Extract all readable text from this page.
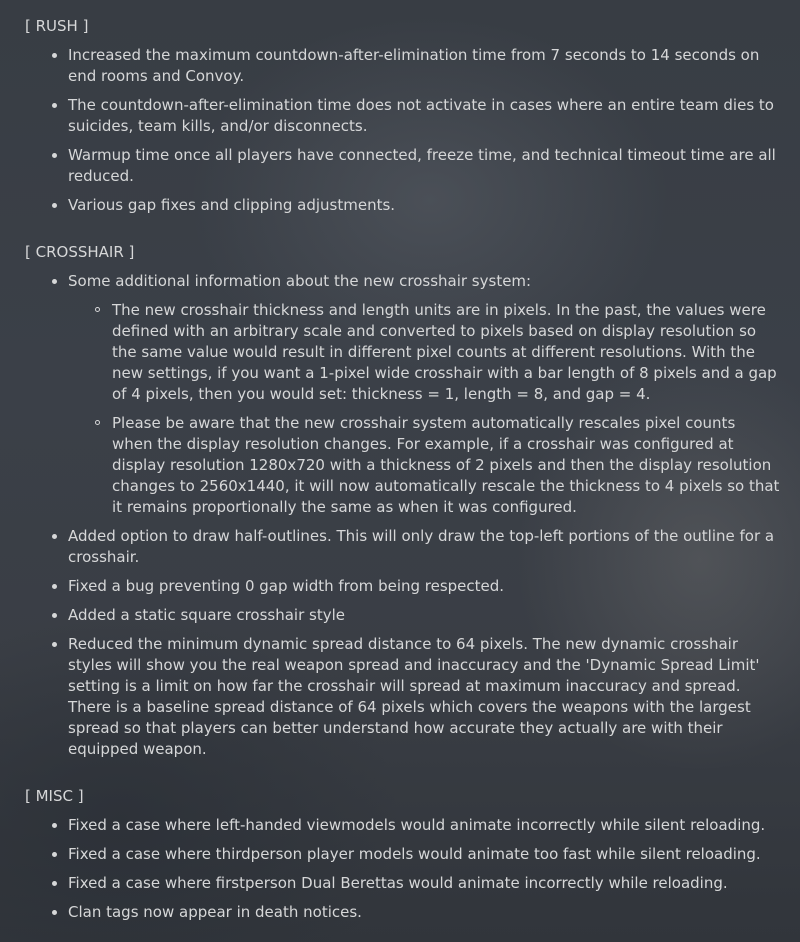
[ RUSH ]
Increased the maximum countdown-after-elimination time from 7 seconds to 14 seconds on end rooms and Convoy.
The countdown-after-elimination time does not activate in cases where an entire team dies to suicides, team kills, and/or disconnects.
Warmup time once all players have connected, freeze time, and technical timeout time are all reduced.
Various gap fixes and clipping adjustments.
[ CROSSHAIR ]
Some additional information about the new crosshair system:
The new crosshair thickness and length units are in pixels. In the past, the values were defined with an arbitrary scale and converted to pixels based on display resolution so the same value would result in different pixel counts at different resolutions. With the new settings, if you want a 1-pixel wide crosshair with a bar length of 8 pixels and a gap of 4 pixels, then you would set: thickness = 1, length = 8, and gap = 4.
Please be aware that the new crosshair system automatically rescales pixel counts when the display resolution changes. For example, if a crosshair was configured at display resolution 1280x720 with a thickness of 2 pixels and then the display resolution changes to 2560x1440, it will now automatically rescale the thickness to 4 pixels so that it remains proportionally the same as when it was configured.
Added option to draw half-outlines. This will only draw the top-left portions of the outline for a crosshair.
Fixed a bug preventing 0 gap width from being respected.
Added a static square crosshair style
Reduced the minimum dynamic spread distance to 64 pixels. The new dynamic crosshair styles will show you the real weapon spread and inaccuracy and the 'Dynamic Spread Limit' setting is a limit on how far the crosshair will spread at maximum inaccuracy and spread. There is a baseline spread distance of 64 pixels which covers the weapons with the largest spread so that players can better understand how accurate they actually are with their equipped weapon.
[ MISC ]
Fixed a case where left-handed viewmodels would animate incorrectly while silent reloading.
Fixed a case where thirdperson player models would animate too fast while silent reloading.
Fixed a case where firstperson Dual Berettas would animate incorrectly while reloading.
Clan tags now appear in death notices.
